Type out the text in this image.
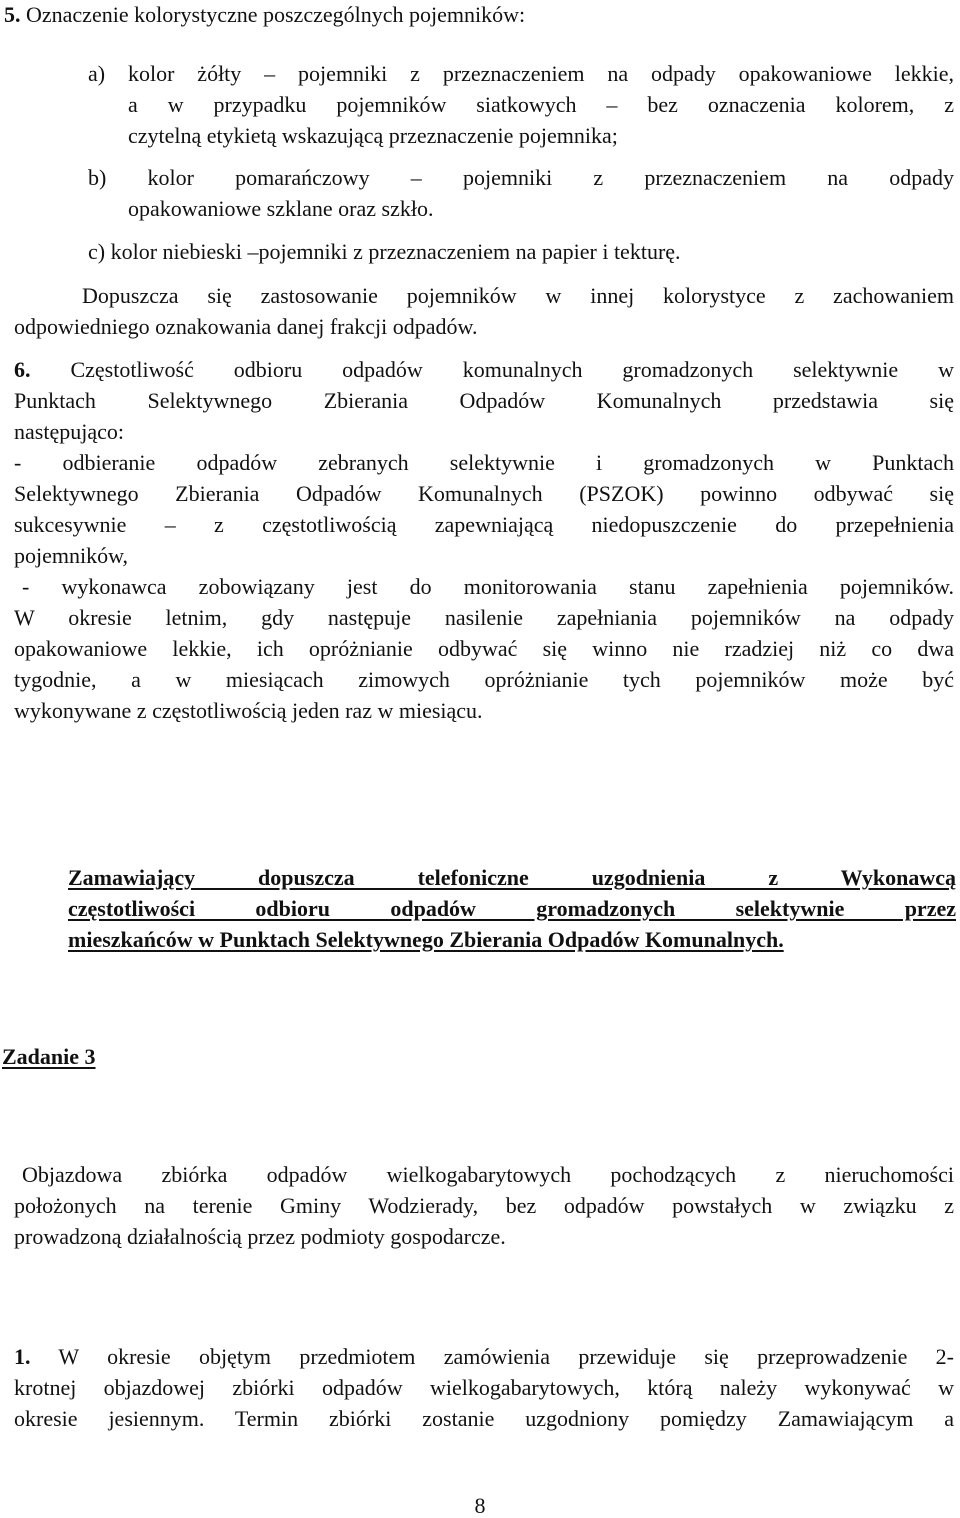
5. Oznaczenie kolorystyczne poszczególnych pojemników:
a) kolor żółty – pojemniki z przeznaczeniem na odpady opakowaniowe lekkie,
a w przypadku pojemników siatkowych – bez oznaczenia kolorem, z
czytelną etykietą wskazującą przeznaczenie pojemnika;
b) kolor pomarańczowy – pojemniki z przeznaczeniem na odpady
opakowaniowe szklane oraz szkło.
c) kolor niebieski –pojemniki z przeznaczeniem na papier i tekturę.
Dopuszcza się zastosowanie pojemników w innej kolorystyce z zachowaniem
odpowiedniego oznakowania danej frakcji odpadów.
6. Częstotliwość odbioru odpadów komunalnych gromadzonych selektywnie w
Punktach Selektywnego Zbierania Odpadów Komunalnych przedstawia się
następująco:
- odbieranie odpadów zebranych selektywnie i gromadzonych w Punktach
Selektywnego Zbierania Odpadów Komunalnych (PSZOK) powinno odbywać się
sukcesywnie – z częstotliwością zapewniającą niedopuszczenie do przepełnienia
pojemników,
- wykonawca zobowiązany jest do monitorowania stanu zapełnienia pojemników.
W okresie letnim, gdy następuje nasilenie zapełniania pojemników na odpady
opakowaniowe lekkie, ich opróżnianie odbywać się winno nie rzadziej niż co dwa
tygodnie, a w miesiącach zimowych opróżnianie tych pojemników może być
wykonywane z częstotliwością jeden raz w miesiącu.
Zamawiający dopuszcza telefoniczne uzgodnienia z Wykonawcą
częstotliwości odbioru odpadów gromadzonych selektywnie przez
mieszkańców w Punktach Selektywnego Zbierania Odpadów Komunalnych.
Zadanie 3
Objazdowa zbiórka odpadów wielkogabarytowych pochodzących z nieruchomości
położonych na terenie Gminy Wodzierady, bez odpadów powstałych w związku z
prowadzoną działalnością przez podmioty gospodarcze.
1. W okresie objętym przedmiotem zamówienia przewiduje się przeprowadzenie 2-
krotnej objazdowej zbiórki odpadów wielkogabarytowych, którą należy wykonywać w
okresie jesiennym. Termin zbiórki zostanie uzgodniony pomiędzy Zamawiającym a
8
